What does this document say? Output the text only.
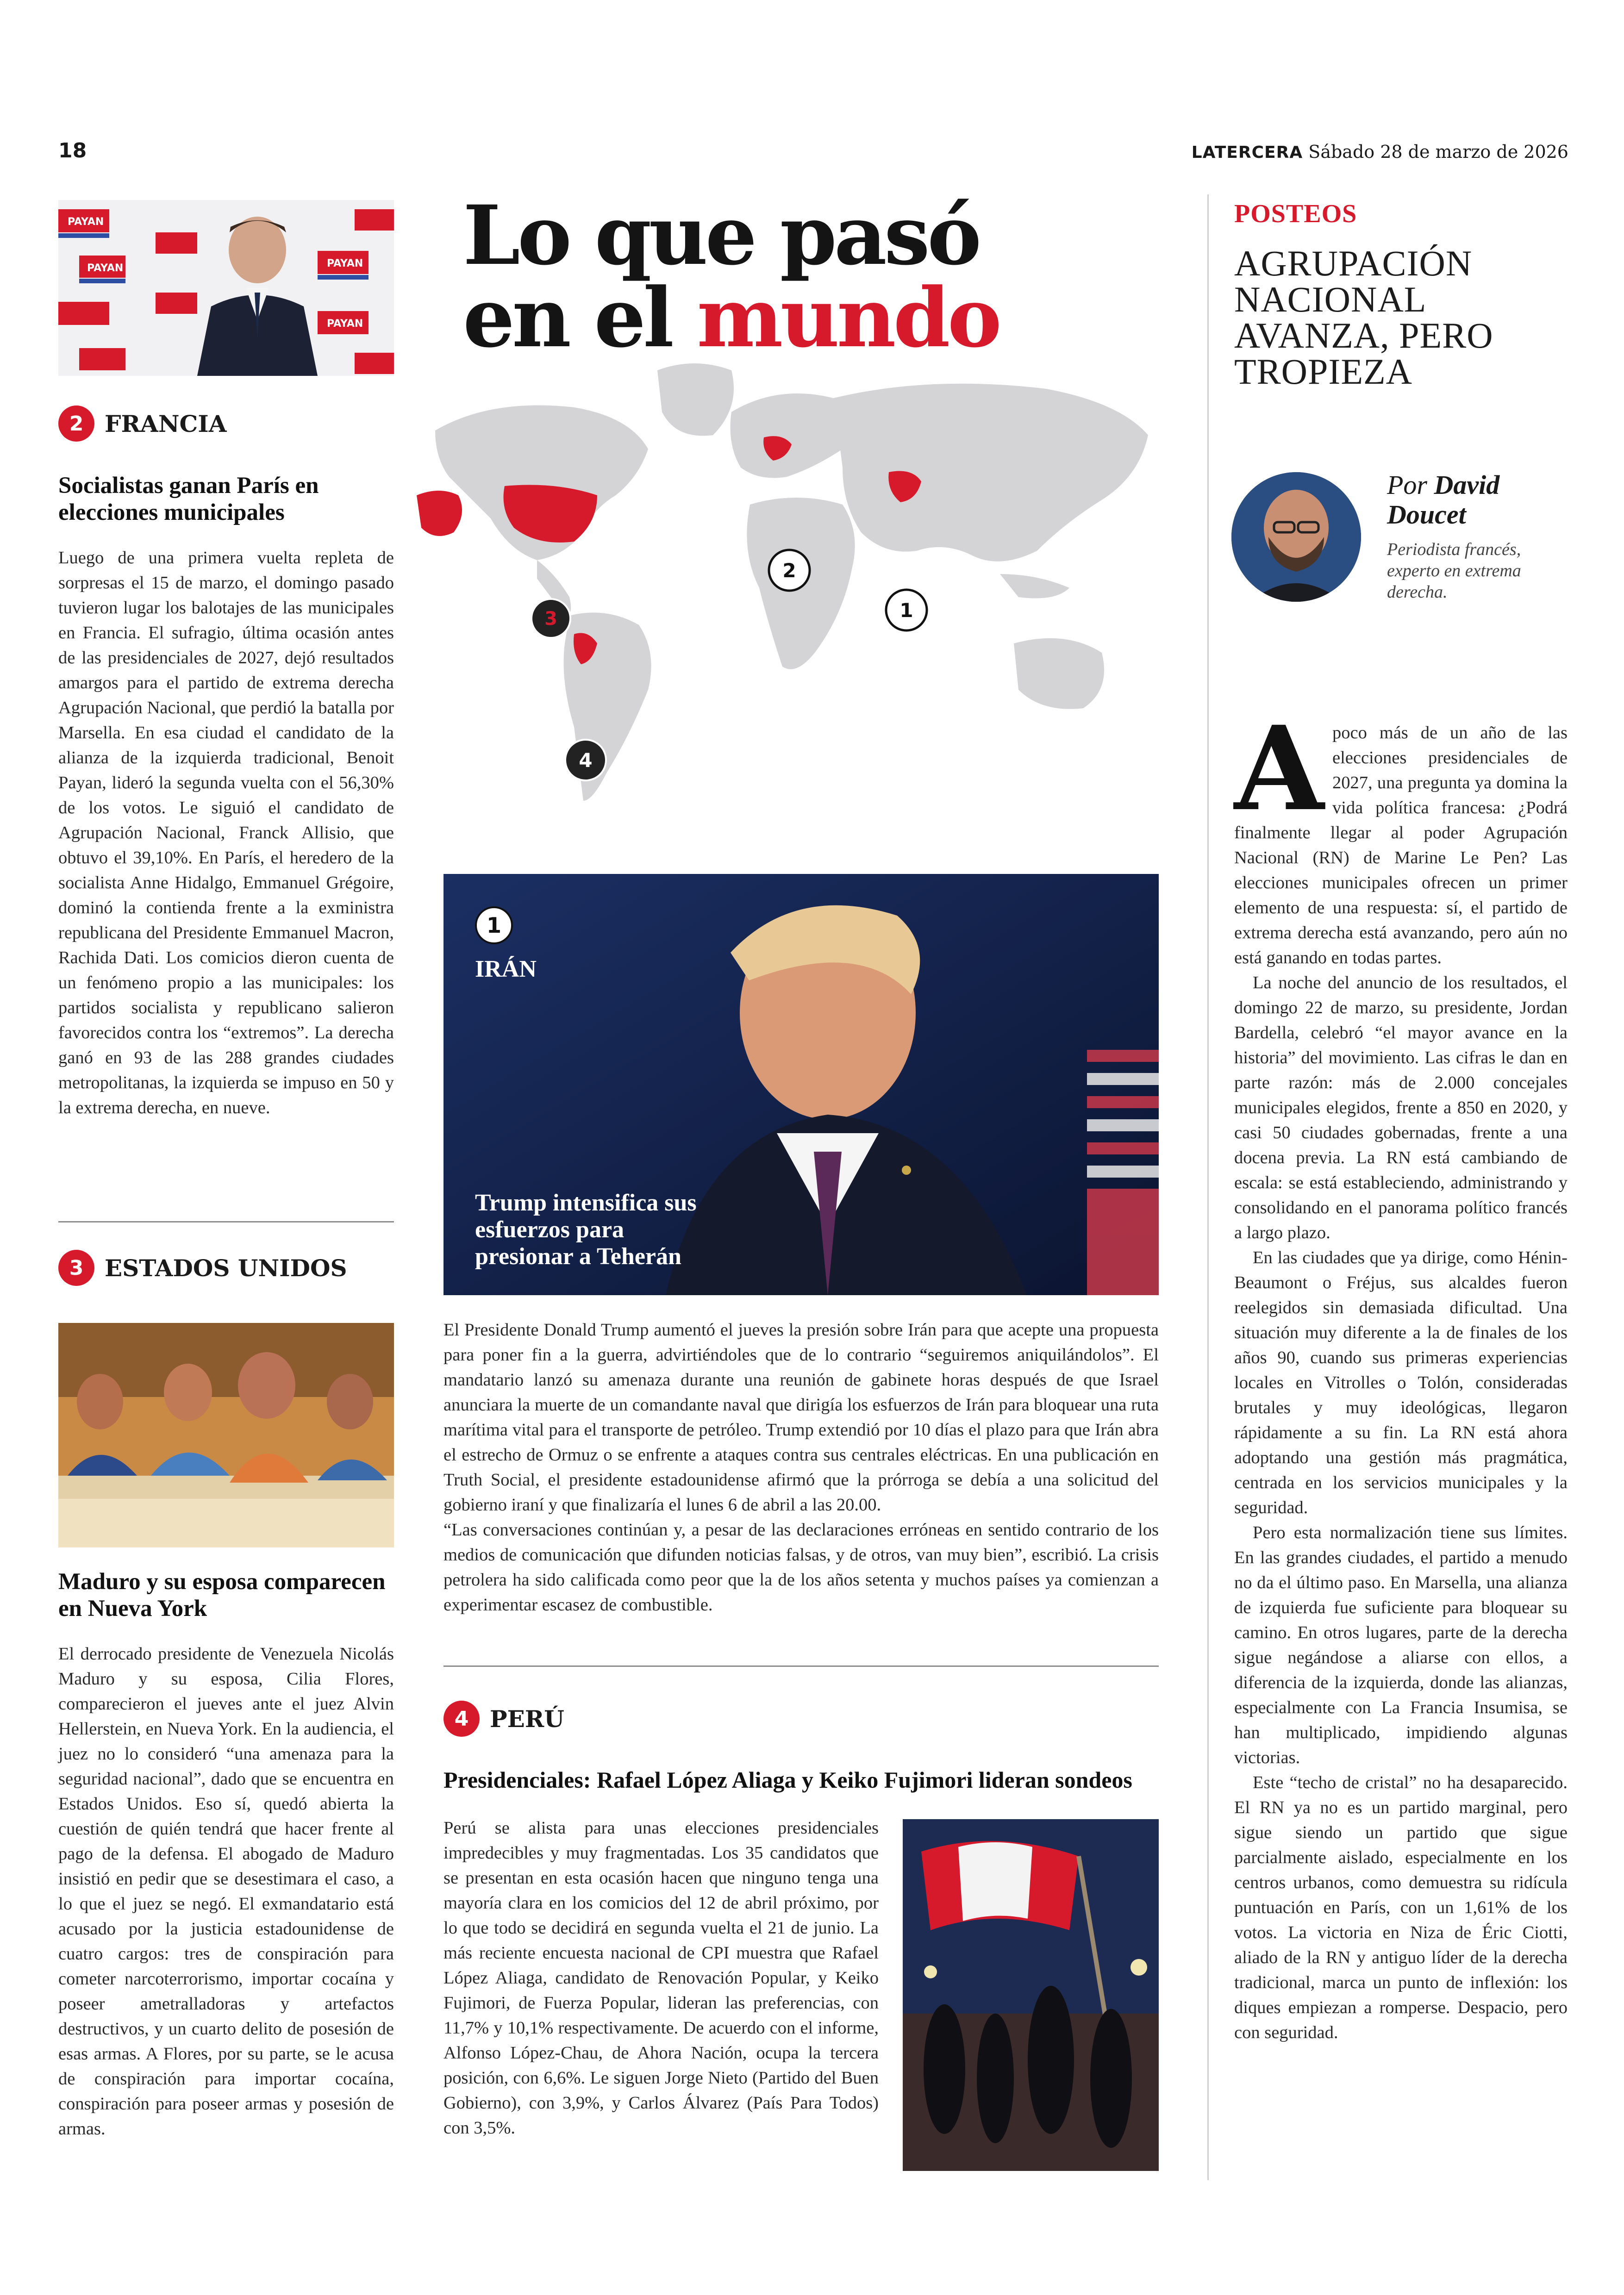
18	LATERCERA Sábado 28 de marzo de 2026
PAYAN
PAYAN	PAYAN
PAYAN
2 FRANCIA
Socialistas ganan París en elecciones municipales
Luego de una primera vuelta repleta de sorpresas el 15 de marzo, el domingo pasado tuvieron lugar los balotajes de las municipales en Francia. El sufragio, última ocasión antes de las presidenciales de 2027, dejó resultados amargos para el partido de extrema derecha Agrupación Nacional, que perdió la batalla por Marsella. En esa ciudad el candidato de la alianza de la izquierda tradicional, Benoit Payan, lideró la segunda vuelta con el 56,30% de los votos. Le siguió el candidato de Agrupación Nacional, Franck Allisio, que obtuvo el 39,10%. En París, el heredero de la socialista Anne Hidalgo, Emmanuel Grégoire, dominó la contienda frente a la exministra republicana del Presidente Emmanuel Macron, Rachida Dati. Los comicios dieron cuenta de un fenómeno propio a las municipales: los partidos socialista y republicano salieron favorecidos contra los “extremos”. La derecha ganó en 93 de las 288 grandes ciudades metropolitanas, la izquierda se impuso en 50 y la extrema derecha, en nueve.
3 ESTADOS UNIDOS
Maduro y su esposa comparecen en Nueva York
El derrocado presidente de Venezuela Nicolás Maduro y su esposa, Cilia Flores, comparecieron el jueves ante el juez Alvin Hellerstein, en Nueva York. En la audiencia, el juez no lo consideró “una amenaza para la seguridad nacional”, dado que se encuentra en Estados Unidos. Eso sí, quedó abierta la cuestión de quién tendrá que hacer frente al pago de la defensa. El abogado de Maduro insistió en pedir que se desestimara el caso, a lo que el juez se negó. El exmandatario está acusado por la justicia estadounidense de cuatro cargos: tres de conspiración para cometer narcoterrorismo, importar cocaína y poseer ametralladoras y artefactos destructivos, y un cuarto delito de posesión de esas armas. A Flores, por su parte, se le acusa de conspiración para importar cocaína, conspiración para poseer armas y posesión de armas.
Lo que pasó
en el mundo
1
2
3
4
1
IRÁN
Trump intensifica sus esfuerzos para presionar a Teherán

El Presidente Donald Trump aumentó el jueves la presión sobre Irán para que acepte una propuesta para poner fin a la guerra, advirtiéndoles que de lo contrario “seguiremos aniquilándolos”. El mandatario lanzó su amenaza durante una reunión de gabinete horas después de que Israel anunciara la muerte de un comandante naval que dirigía los esfuerzos de Irán para bloquear una ruta marítima vital para el transporte de petróleo. Trump extendió por 10 días el plazo para que Irán abra el estrecho de Ormuz o se enfrente a ataques contra sus centrales eléctricas. En una publicación en Truth Social, el presidente estadounidense afirmó que la prórroga se debía a una solicitud del gobierno iraní y que finalizaría el lunes 6 de abril a las 20.00.

“Las conversaciones continúan y, a pesar de las declaraciones erróneas en sentido contrario de los medios de comunicación que difunden noticias falsas, y de otros, van muy bien”, escribió. La crisis petrolera ha sido calificada como peor que la de los años setenta y muchos países ya comienzan a experimentar escasez de combustible.

4 PERÚ
Presidenciales: Rafael López Aliaga y Keiko Fujimori lideran sondeos
Perú se alista para unas elecciones presidenciales impredecibles y muy fragmentadas. Los 35 candidatos que se presentan en esta ocasión hacen que ninguno tenga una mayoría clara en los comicios del 12 de abril próximo, por lo que todo se decidirá en segunda vuelta el 21 de junio. La más reciente encuesta nacional de CPI muestra que Rafael López Aliaga, candidato de Renovación Popular, y Keiko Fujimori, de Fuerza Popular, lideran las preferencias, con 11,7% y 10,1% respectivamente. De acuerdo con el informe, Alfonso López-Chau, de Ahora Nación, ocupa la tercera posición, con 6,6%. Le siguen Jorge Nieto (Partido del Buen Gobierno), con 3,9%, y Carlos Álvarez (País Para Todos) con 3,5%.
POSTEOS
AGRUPACIÓN NACIONAL AVANZA, PERO TROPIEZA
Por David Doucet
Periodista francés, experto en extrema derecha.

Apoco más de un año de las elecciones presidenciales de 2027, una pregunta ya domina la vida política francesa: ¿Podrá finalmente llegar al poder Agrupación Nacional (RN) de Marine Le Pen? Las elecciones municipales ofrecen un primer elemento de una respuesta: sí, el partido de extrema derecha está avanzando, pero aún no está ganando en todas partes.

La noche del anuncio de los resultados, el domingo 22 de marzo, su presidente, Jordan Bardella, celebró “el mayor avance en la historia” del movimiento. Las cifras le dan en parte razón: más de 2.000 concejales municipales elegidos, frente a 850 en 2020, y casi 50 ciudades gobernadas, frente a una docena previa. La RN está cambiando de escala: se está estableciendo, administrando y consolidando en el panorama político francés a largo plazo.

En las ciudades que ya dirige, como Hénin-Beaumont o Fréjus, sus alcaldes fueron reelegidos sin demasiada dificultad. Una situación muy diferente a la de finales de los años 90, cuando sus primeras experiencias locales en Vitrolles o Tolón, consideradas brutales y muy ideológicas, llegaron rápidamente a su fin. La RN está ahora adoptando una gestión más pragmática, centrada en los servicios municipales y la seguridad.

Pero esta normalización tiene sus límites. En las grandes ciudades, el partido a menudo no da el último paso. En Marsella, una alianza de izquierda fue suficiente para bloquear su camino. En otros lugares, parte de la derecha sigue negándose a aliarse con ellos, a diferencia de la izquierda, donde las alianzas, especialmente con La Francia Insumisa, se han multiplicado, impidiendo algunas victorias.

Este “techo de cristal” no ha desaparecido. El RN ya no es un partido marginal, pero sigue siendo un partido que sigue parcialmente aislado, especialmente en los centros urbanos, como demuestra su ridícula puntuación en París, con un 1,61% de los votos. La victoria en Niza de Éric Ciotti, aliado de la RN y antiguo líder de la derecha tradicional, marca un punto de inflexión: los diques empiezan a romperse. Despacio, pero con seguridad.
